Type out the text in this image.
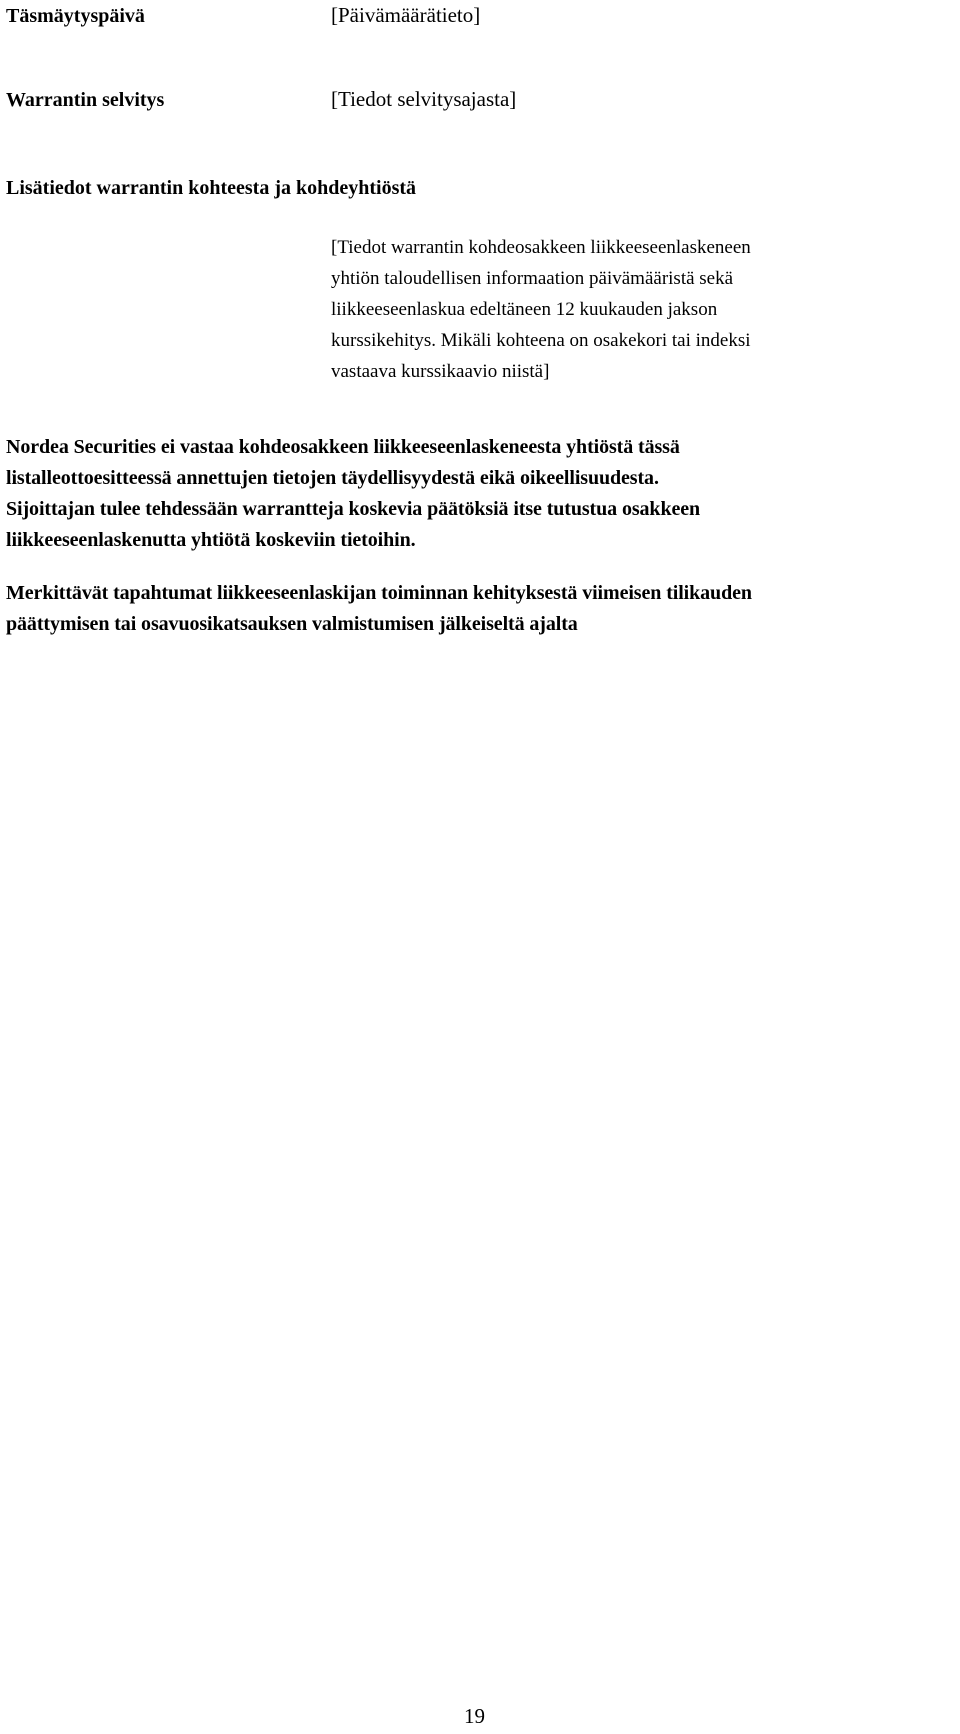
Täsmäytyspäivä	[Päivämäärätieto]
Warrantin selvitys	[Tiedot selvitysajasta]
Lisätiedot warrantin kohteesta ja kohdeyhtiöstä

[Tiedot warrantin kohdeosakkeen liikkeeseenlaskeneen
yhtiön taloudellisen informaation päivämääristä sekä
liikkeeseenlaskua edeltäneen 12 kuukauden jakson
kurssikehitys. Mikäli kohteena on osakekori tai indeksi
vastaava kurssikaavio niistä]

Nordea Securities ei vastaa kohdeosakkeen liikkeeseenlaskeneesta yhtiöstä tässä
listalleottoesitteessä annettujen tietojen täydellisyydestä eikä oikeellisuudesta.
Sijoittajan tulee tehdessään warrantteja koskevia päätöksiä itse tutustua osakkeen
liikkeeseenlaskenutta yhtiötä koskeviin tietoihin.

Merkittävät tapahtumat liikkeeseenlaskijan toiminnan kehityksestä viimeisen tilikauden
päättymisen tai osavuosikatsauksen valmistumisen jälkeiseltä ajalta

19
